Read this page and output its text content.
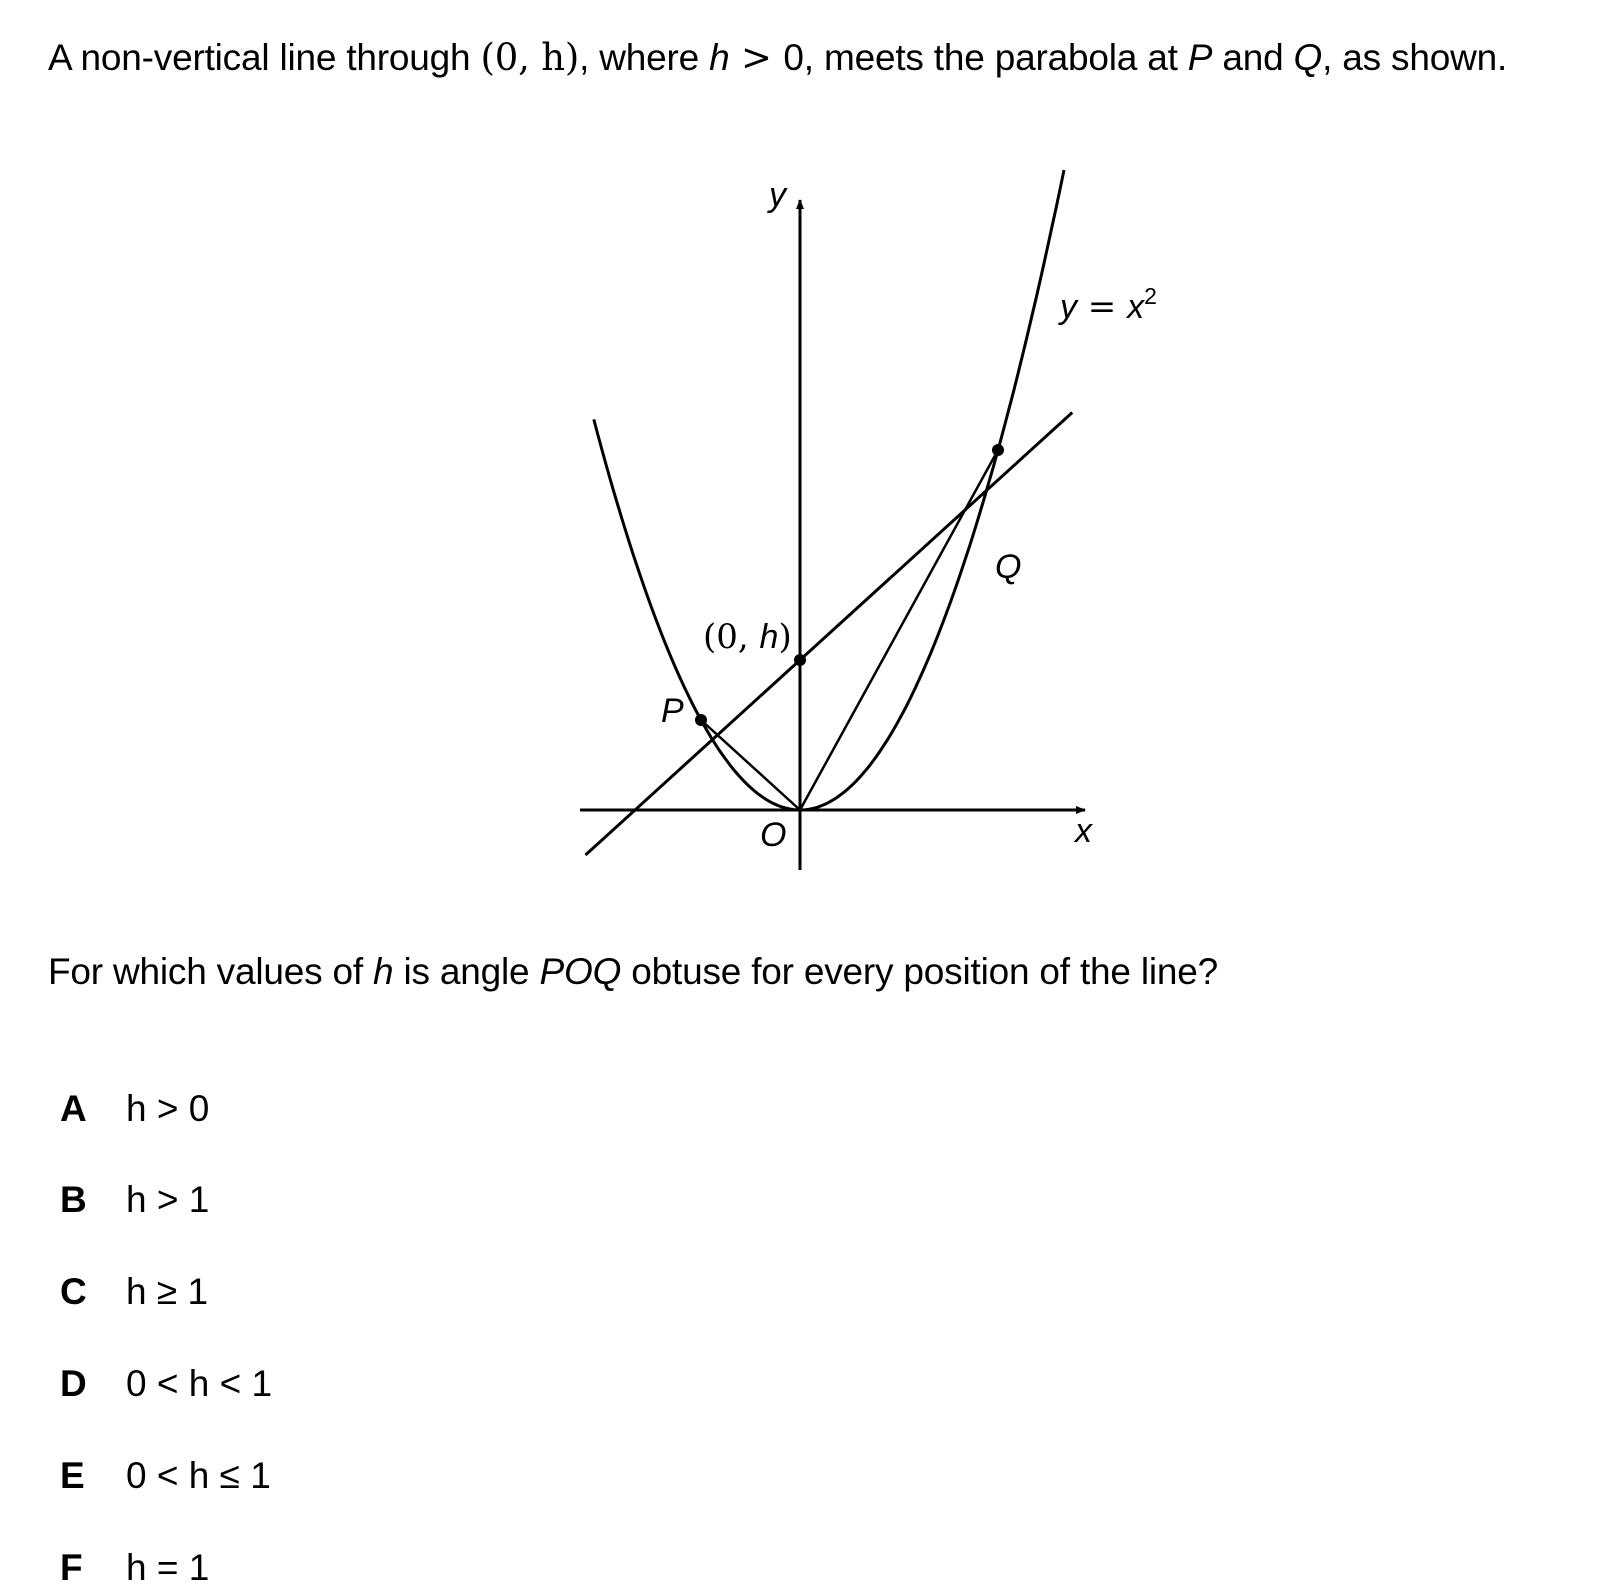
A non-vertical line through (0, h), where h > 0, meets the parabola at P and Q, as shown.
y
x
O
P
Q
(0, h)
$y = x^2$
For which values of h is angle POQ obtuse for every position of the line?
A h > 0
B h > 1
C h ≥ 1
D 0 < h < 1
E 0 < h ≤ 1
F h = 1
